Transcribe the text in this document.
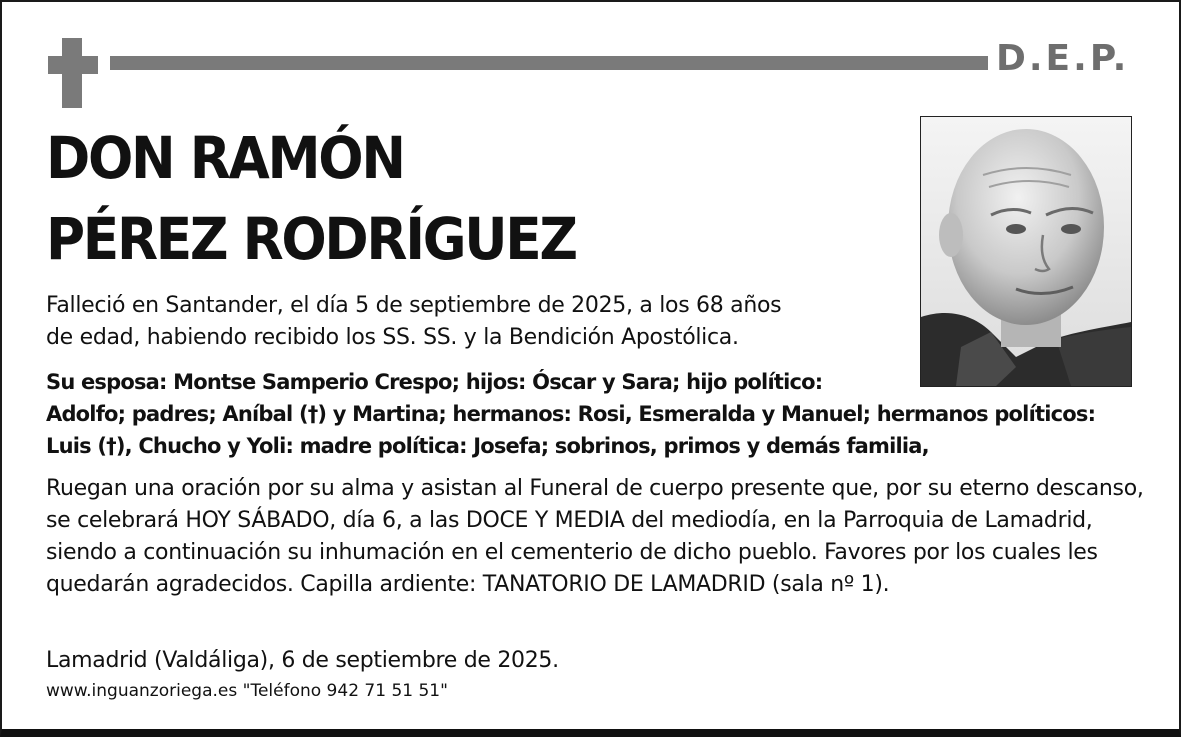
D.E.P.
DON RAMÓN
PÉREZ RODRÍGUEZ
Falleció en Santander, el día 5 de septiembre de 2025, a los 68 años
de edad, habiendo recibido los SS. SS. y la Bendición Apostólica.
Su esposa: Montse Samperio Crespo; hijos: Óscar y Sara; hijo político:
Adolfo; padres; Aníbal (†) y Martina; hermanos: Rosi, Esmeralda y Manuel; hermanos políticos: Luis (†), Chucho y Yoli: madre política: Josefa; sobrinos, primos y demás familia,
Ruegan una oración por su alma y asistan al Funeral de cuerpo presente que, por su eterno descanso, se celebrará HOY SÁBADO, día 6, a las DOCE Y MEDIA del mediodía, en la Parroquia de Lamadrid, siendo a continuación su inhumación en el cementerio de dicho pueblo. Favores por los cuales les quedarán agradecidos. Capilla ardiente: TANATORIO DE LAMADRID (sala nº 1).
Lamadrid (Valdáliga), 6 de septiembre de 2025.
www.inguanzoriega.es "Teléfono 942 71 51 51"
